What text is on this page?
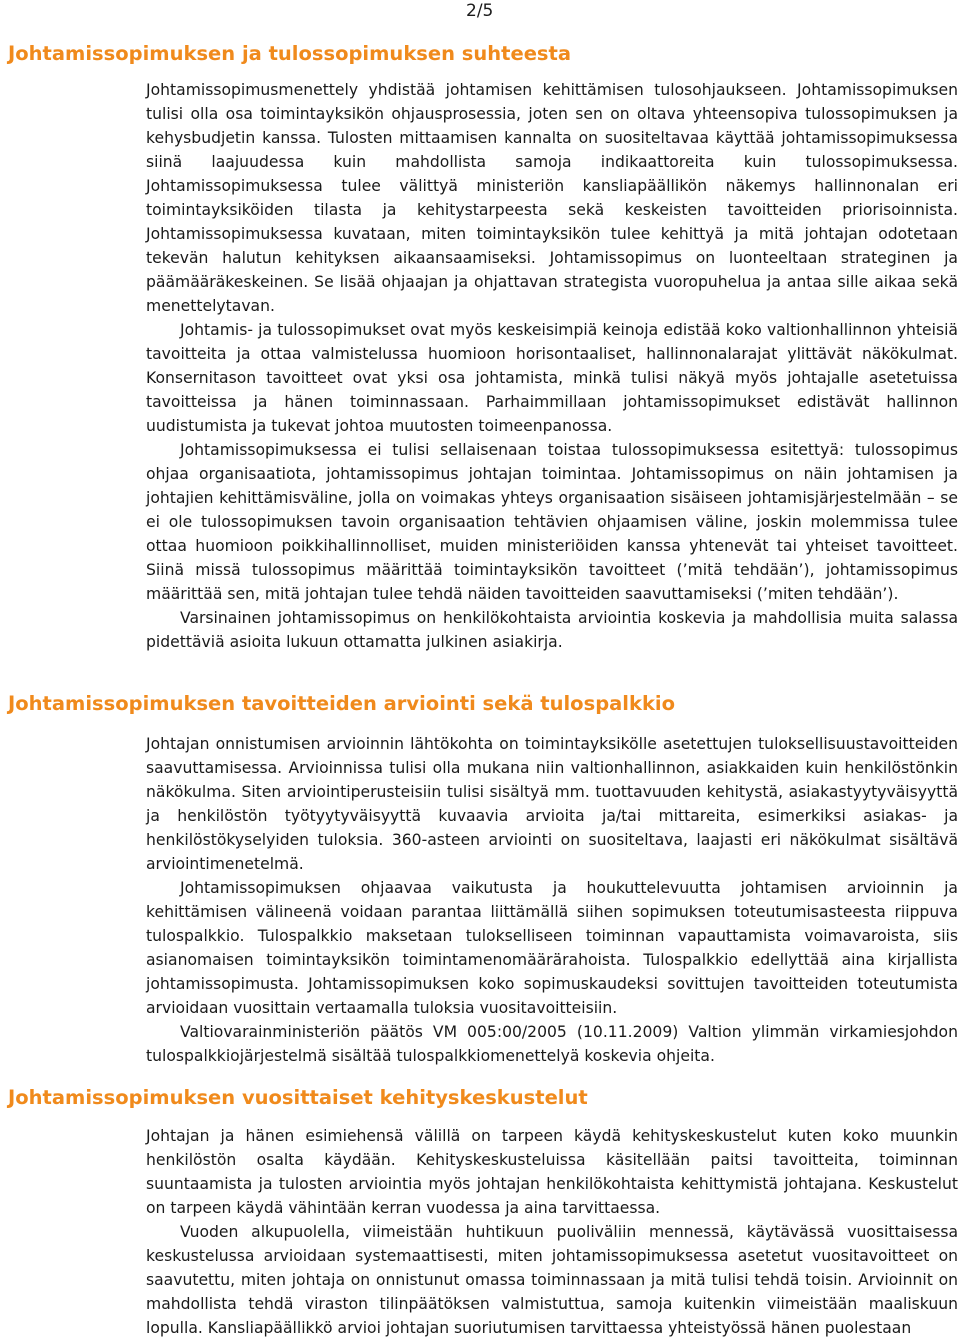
2/5
Johtamissopimuksen ja tulossopimuksen suhteesta

Johtamissopimusmenettely yhdistää johtamisen kehittämisen tulosohjaukseen. Johtamissopimuksen tulisi olla osa toimintayksikön ohjausprosessia, joten sen on oltava yhteensopiva tulossopimuksen ja kehysbudjetin kanssa. Tulosten mittaamisen kannalta on suositeltavaa käyttää johtamissopimuksessa siinä laajuudessa kuin mahdollista samoja indikaattoreita kuin tulossopimuksessa. Johtamissopimuksessa tulee välittyä ministeriön kansliapäällikön näkemys hallinnonalan eri toimintayksiköiden tilasta ja kehitystarpeesta sekä keskeisten tavoitteiden priorisoinnista. Johtamissopimuksessa kuvataan, miten toimintayksikön tulee kehittyä ja mitä johtajan odotetaan tekevän halutun kehityksen aikaansaamiseksi. Johtamissopimus on luonteeltaan strateginen ja päämääräkeskeinen. Se lisää ohjaajan ja ohjattavan strategista vuoropuhelua ja antaa sille aikaa sekä menettelytavan.

Johtamis- ja tulossopimukset ovat myös keskeisimpiä keinoja edistää koko valtionhallinnon yhteisiä tavoitteita ja ottaa valmistelussa huomioon horisontaaliset, hallinnonalarajat ylittävät näkökulmat. Konsernitason tavoitteet ovat yksi osa johtamista, minkä tulisi näkyä myös johtajalle asetetuissa tavoitteissa ja hänen toiminnassaan. Parhaimmillaan johtamissopimukset edistävät hallinnon uudistumista ja tukevat johtoa muutosten toimeenpanossa.

Johtamissopimuksessa ei tulisi sellaisenaan toistaa tulossopimuksessa esitettyä: tulossopimus ohjaa organisaatiota, johtamissopimus johtajan toimintaa. Johtamissopimus on näin johtamisen ja johtajien kehittämisväline, jolla on voimakas yhteys organisaation sisäiseen johtamisjärjestelmään – se ei ole tulossopimuksen tavoin organisaation tehtävien ohjaamisen väline, joskin molemmissa tulee ottaa huomioon poikkihallinnolliset, muiden ministeriöiden kanssa yhtenevät tai yhteiset tavoitteet. Siinä missä tulossopimus määrittää toimintayksikön tavoitteet (’mitä tehdään’), johtamissopimus määrittää sen, mitä johtajan tulee tehdä näiden tavoitteiden saavuttamiseksi (’miten tehdään’).

Varsinainen johtamissopimus on henkilökohtaista arviointia koskevia ja mahdollisia muita salassa pidettäviä asioita lukuun ottamatta julkinen asiakirja.

Johtamissopimuksen tavoitteiden arviointi sekä tulospalkkio

Johtajan onnistumisen arvioinnin lähtökohta on toimintayksikölle asetettujen tuloksellisuustavoitteiden saavuttamisessa. Arvioinnissa tulisi olla mukana niin valtionhallinnon, asiakkaiden kuin henkilöstönkin näkökulma. Siten arviointiperusteisiin tulisi sisältyä mm. tuottavuuden kehitystä, asiakastyytyväisyyttä ja henkilöstön työtyytyväisyyttä kuvaavia arvioita ja/tai mittareita, esimerkiksi asiakas- ja henkilöstökyselyiden tuloksia. 360-asteen arviointi on suositeltava, laajasti eri näkökulmat sisältävä arviointimenetelmä.

Johtamissopimuksen ohjaavaa vaikutusta ja houkuttelevuutta johtamisen arvioinnin ja kehittämisen välineenä voidaan parantaa liittämällä siihen sopimuksen toteutumisasteesta riippuva tulospalkkio. Tulospalkkio maksetaan tulokselliseen toiminnan vapauttamista voimavaroista, siis asianomaisen toimintayksikön toimintamenomäärärahoista. Tulospalkkio edellyttää aina kirjallista johtamissopimusta. Johtamissopimuksen koko sopimuskaudeksi sovittujen tavoitteiden toteutumista arvioidaan vuosittain vertaamalla tuloksia vuositavoitteisiin.

Valtiovarainministeriön päätös VM 005:00/2005 (10.11.2009) Valtion ylimmän virkamiesjohdon tulospalkkiojärjestelmä sisältää tulospalkkiomenettelyä koskevia ohjeita.

Johtamissopimuksen vuosittaiset kehityskeskustelut

Johtajan ja hänen esimiehensä välillä on tarpeen käydä kehityskeskustelut kuten koko muunkin henkilöstön osalta käydään. Kehityskeskusteluissa käsitellään paitsi tavoitteita, toiminnan suuntaamista ja tulosten arviointia myös johtajan henkilökohtaista kehittymistä johtajana. Keskustelut on tarpeen käydä vähintään kerran vuodessa ja aina tarvittaessa.

Vuoden alkupuolella, viimeistään huhtikuun puoliväliin mennessä, käytävässä vuosittaisessa keskustelussa arvioidaan systemaattisesti, miten johtamissopimuksessa asetetut vuositavoitteet on saavutettu, miten johtaja on onnistunut omassa toiminnassaan ja mitä tulisi tehdä toisin. Arvioinnit on mahdollista tehdä viraston tilinpäätöksen valmistuttua, samoja kuitenkin viimeistään maaliskuun lopulla. Kansliapäällikkö arvioi johtajan suoriutumisen tarvittaessa yhteistyössä hänen puolestaan
